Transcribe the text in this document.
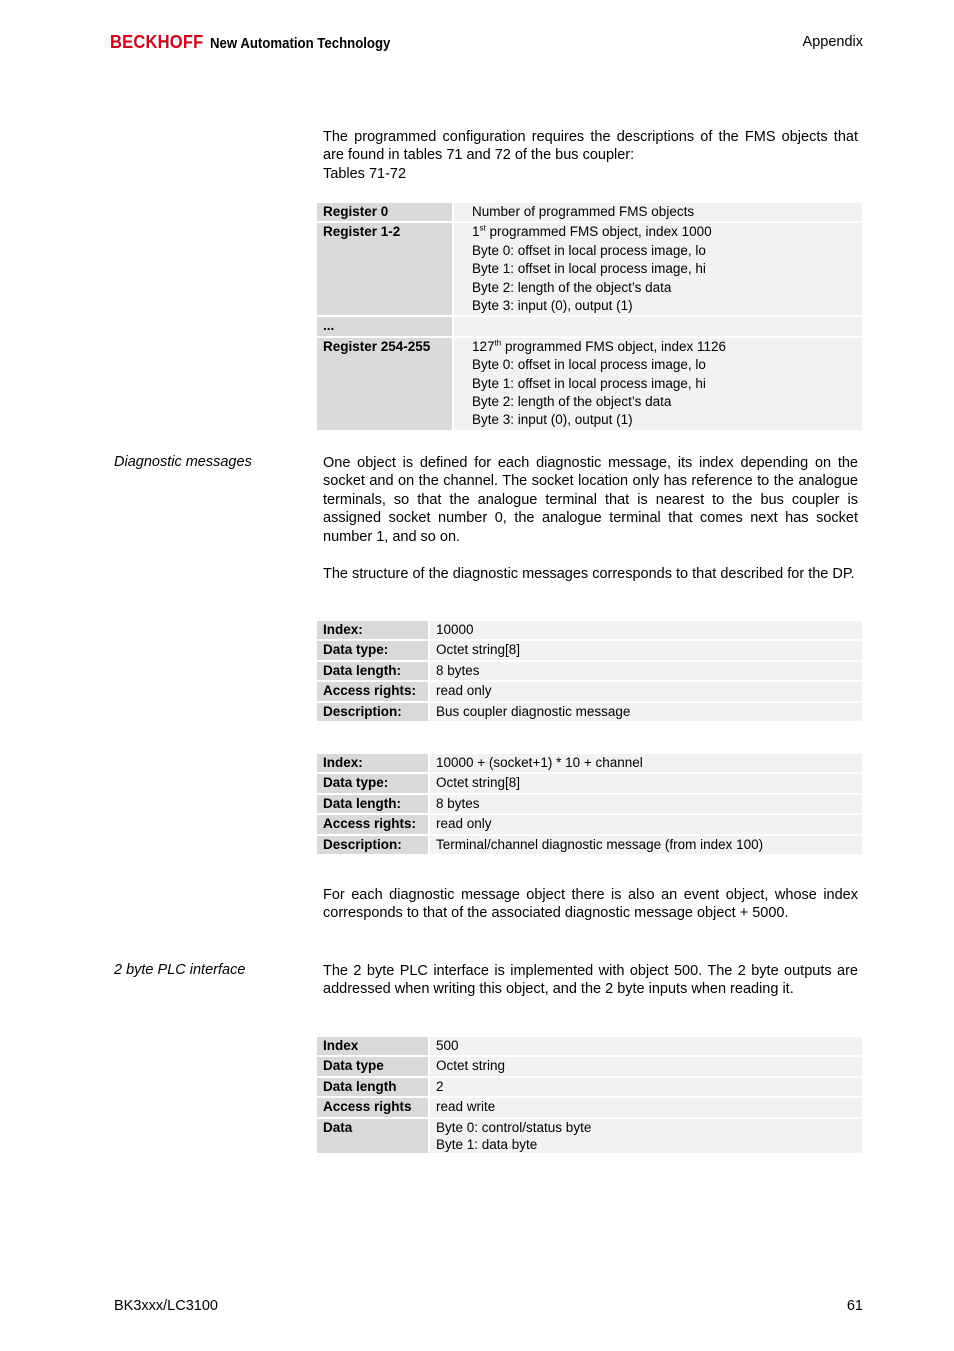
BECKHOFF New Automation Technology	Appendix
The programmed configuration requires the descriptions of the FMS objects that are found in tables 71 and 72 of the bus coupler:
Tables 71-72
Register 0		Number of programmed FMS objects
Register 1-2		1st programmed FMS object, index 1000
Byte 0: offset in local process image, lo
Byte 1: offset in local process image, hi
Byte 2: length of the object’s data
Byte 3: input (0), output (1)

...		
Register 254-255		127th programmed FMS object, index 1126
Byte 0: offset in local process image, lo
Byte 1: offset in local process image, hi
Byte 2: length of the object’s data
Byte 3: input (0), output (1)
Diagnostic messages	One object is defined for each diagnostic message, its index depending on the socket and on the channel. The socket location only has reference to the analogue terminals, so that the analogue terminal that is nearest to the bus coupler is assigned socket number 0, the analogue terminal that comes next has socket number 1, and so on.
The structure of the diagnostic messages corresponds to that described for the DP.
Index:		10000
Data type:		Octet string[8]
Data length:		8 bytes
Access rights:		read only
Description:		Bus coupler diagnostic message
Index:		10000 + (socket+1) * 10 + channel
Data type:		Octet string[8]
Data length:		8 bytes
Access rights:		read only
Description:		Terminal/channel diagnostic message (from index 100)
For each diagnostic message object there is also an event object, whose index corresponds to that of the associated diagnostic message object + 5000.
2 byte PLC interface	The 2 byte PLC interface is implemented with object 500. The 2 byte outputs are addressed when writing this object, and the 2 byte inputs when reading it.
Index		500
Data type		Octet string
Data length		2
Access rights		read write
Data		Byte 0: control/status byte
Byte 1: data byte
BK3xxx/LC3100	61
